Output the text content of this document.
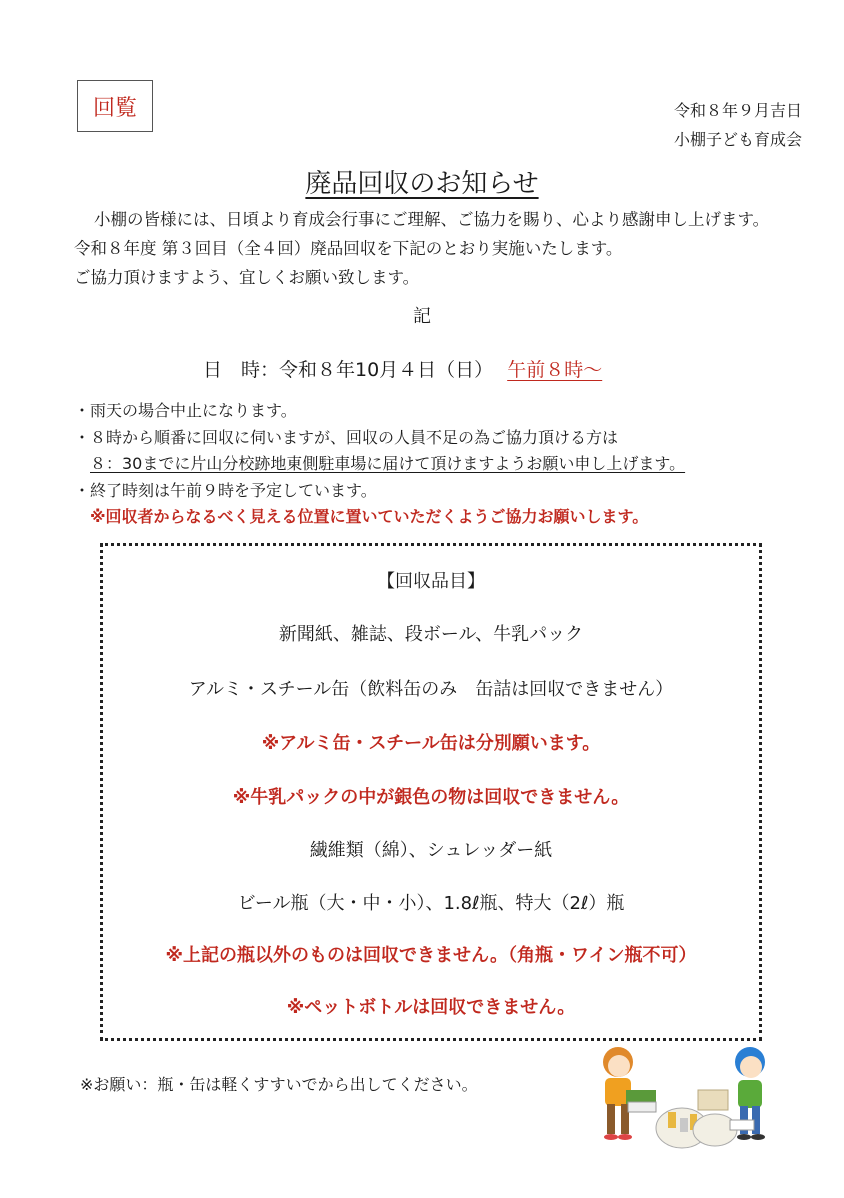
回覧	令和８年９月吉日
小棚子ども育成会
廃品回収のお知らせ
小棚の皆様には、日頃より育成会行事にご理解、ご協力を賜り、心より感謝申し上げます。
令和８年度 第３回目（全４回）廃品回収を下記のとおり実施いたします。
ご協力頂けますよう、宜しくお願い致します。
記
日　時：令和８年10月４日（日） 午前８時～
・雨天の場合中止になります。
・８時から順番に回収に伺いますが、回収の人員不足の為ご協力頂ける方は
８：30までに片山分校跡地東側駐車場に届けて頂けますようお願い申し上げます。
・終了時刻は午前９時を予定しています。
※回収者からなるべく見える位置に置いていただくようご協力お願いします。
【回収品目】
新聞紙、雑誌、段ボール、牛乳パック
アルミ・スチール缶（飲料缶のみ　缶詰は回収できません）
※アルミ缶・スチール缶は分別願います。
※牛乳パックの中が銀色の物は回収できません。
繊維類（綿）、シュレッダー紙
ビール瓶（大・中・小）、1.8ℓ瓶、特大（2ℓ）瓶
※上記の瓶以外のものは回収できません。（角瓶・ワイン瓶不可）
※ペットボトルは回収できません。
※お願い：瓶・缶は軽くすすいでから出してください。
